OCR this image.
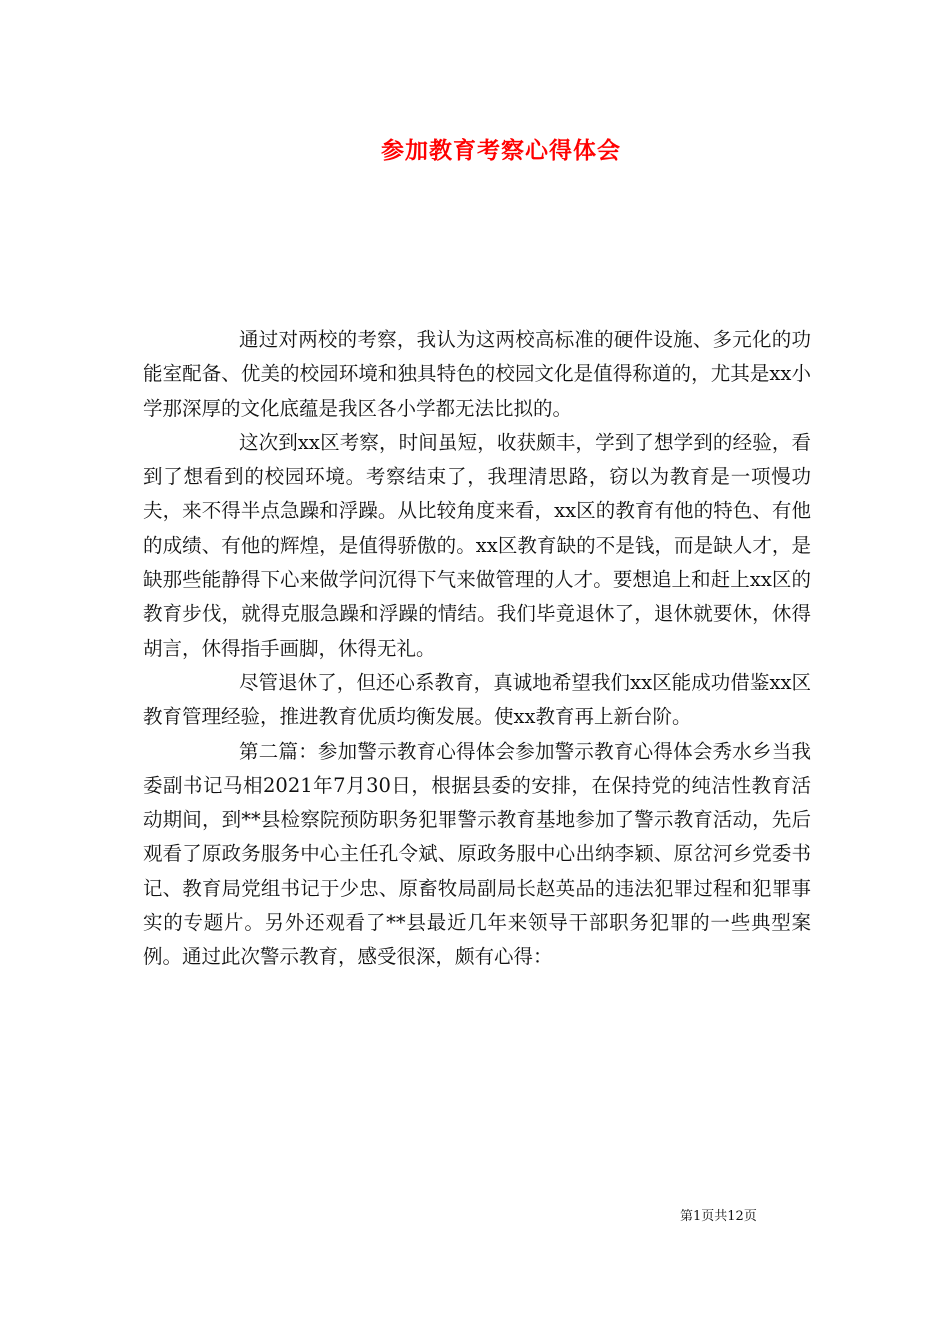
参加教育考察心得体会

通过对两校的考察，我认为这两校高标准的硬件设施、多元化的功能室配备、优美的校园环境和独具特色的校园文化是值得称道的，尤其是xx小学那深厚的文化底蕴是我区各小学都无法比拟的。

这次到xx区考察，时间虽短，收获颇丰，学到了想学到的经验，看到了想看到的校园环境。考察结束了，我理清思路，窃以为教育是一项慢功夫，来不得半点急躁和浮躁。从比较角度来看，xx区的教育有他的特色、有他的成绩、有他的辉煌，是值得骄傲的。xx区教育缺的不是钱，而是缺人才，是缺那些能静得下心来做学问沉得下气来做管理的人才。要想追上和赶上xx区的教育步伐，就得克服急躁和浮躁的情结。我们毕竟退休了，退休就要休，休得胡言，休得指手画脚，休得无礼。

尽管退休了，但还心系教育，真诚地希望我们xx区能成功借鉴xx区教育管理经验，推进教育优质均衡发展。使xx教育再上新台阶。

第二篇：参加警示教育心得体会参加警示教育心得体会秀水乡当我委副书记马相2021年7月30日，根据县委的安排，在保持党的纯洁性教育活动期间，到**县检察院预防职务犯罪警示教育基地参加了警示教育活动，先后观看了原政务服务中心主任孔令斌、原政务服中心出纳李颖、原岔河乡党委书记、教育局党组书记于少忠、原畜牧局副局长赵英品的违法犯罪过程和犯罪事实的专题片。另外还观看了**县最近几年来领导干部职务犯罪的一些典型案例。通过此次警示教育，感受很深，颇有心得：

第1页共12页
